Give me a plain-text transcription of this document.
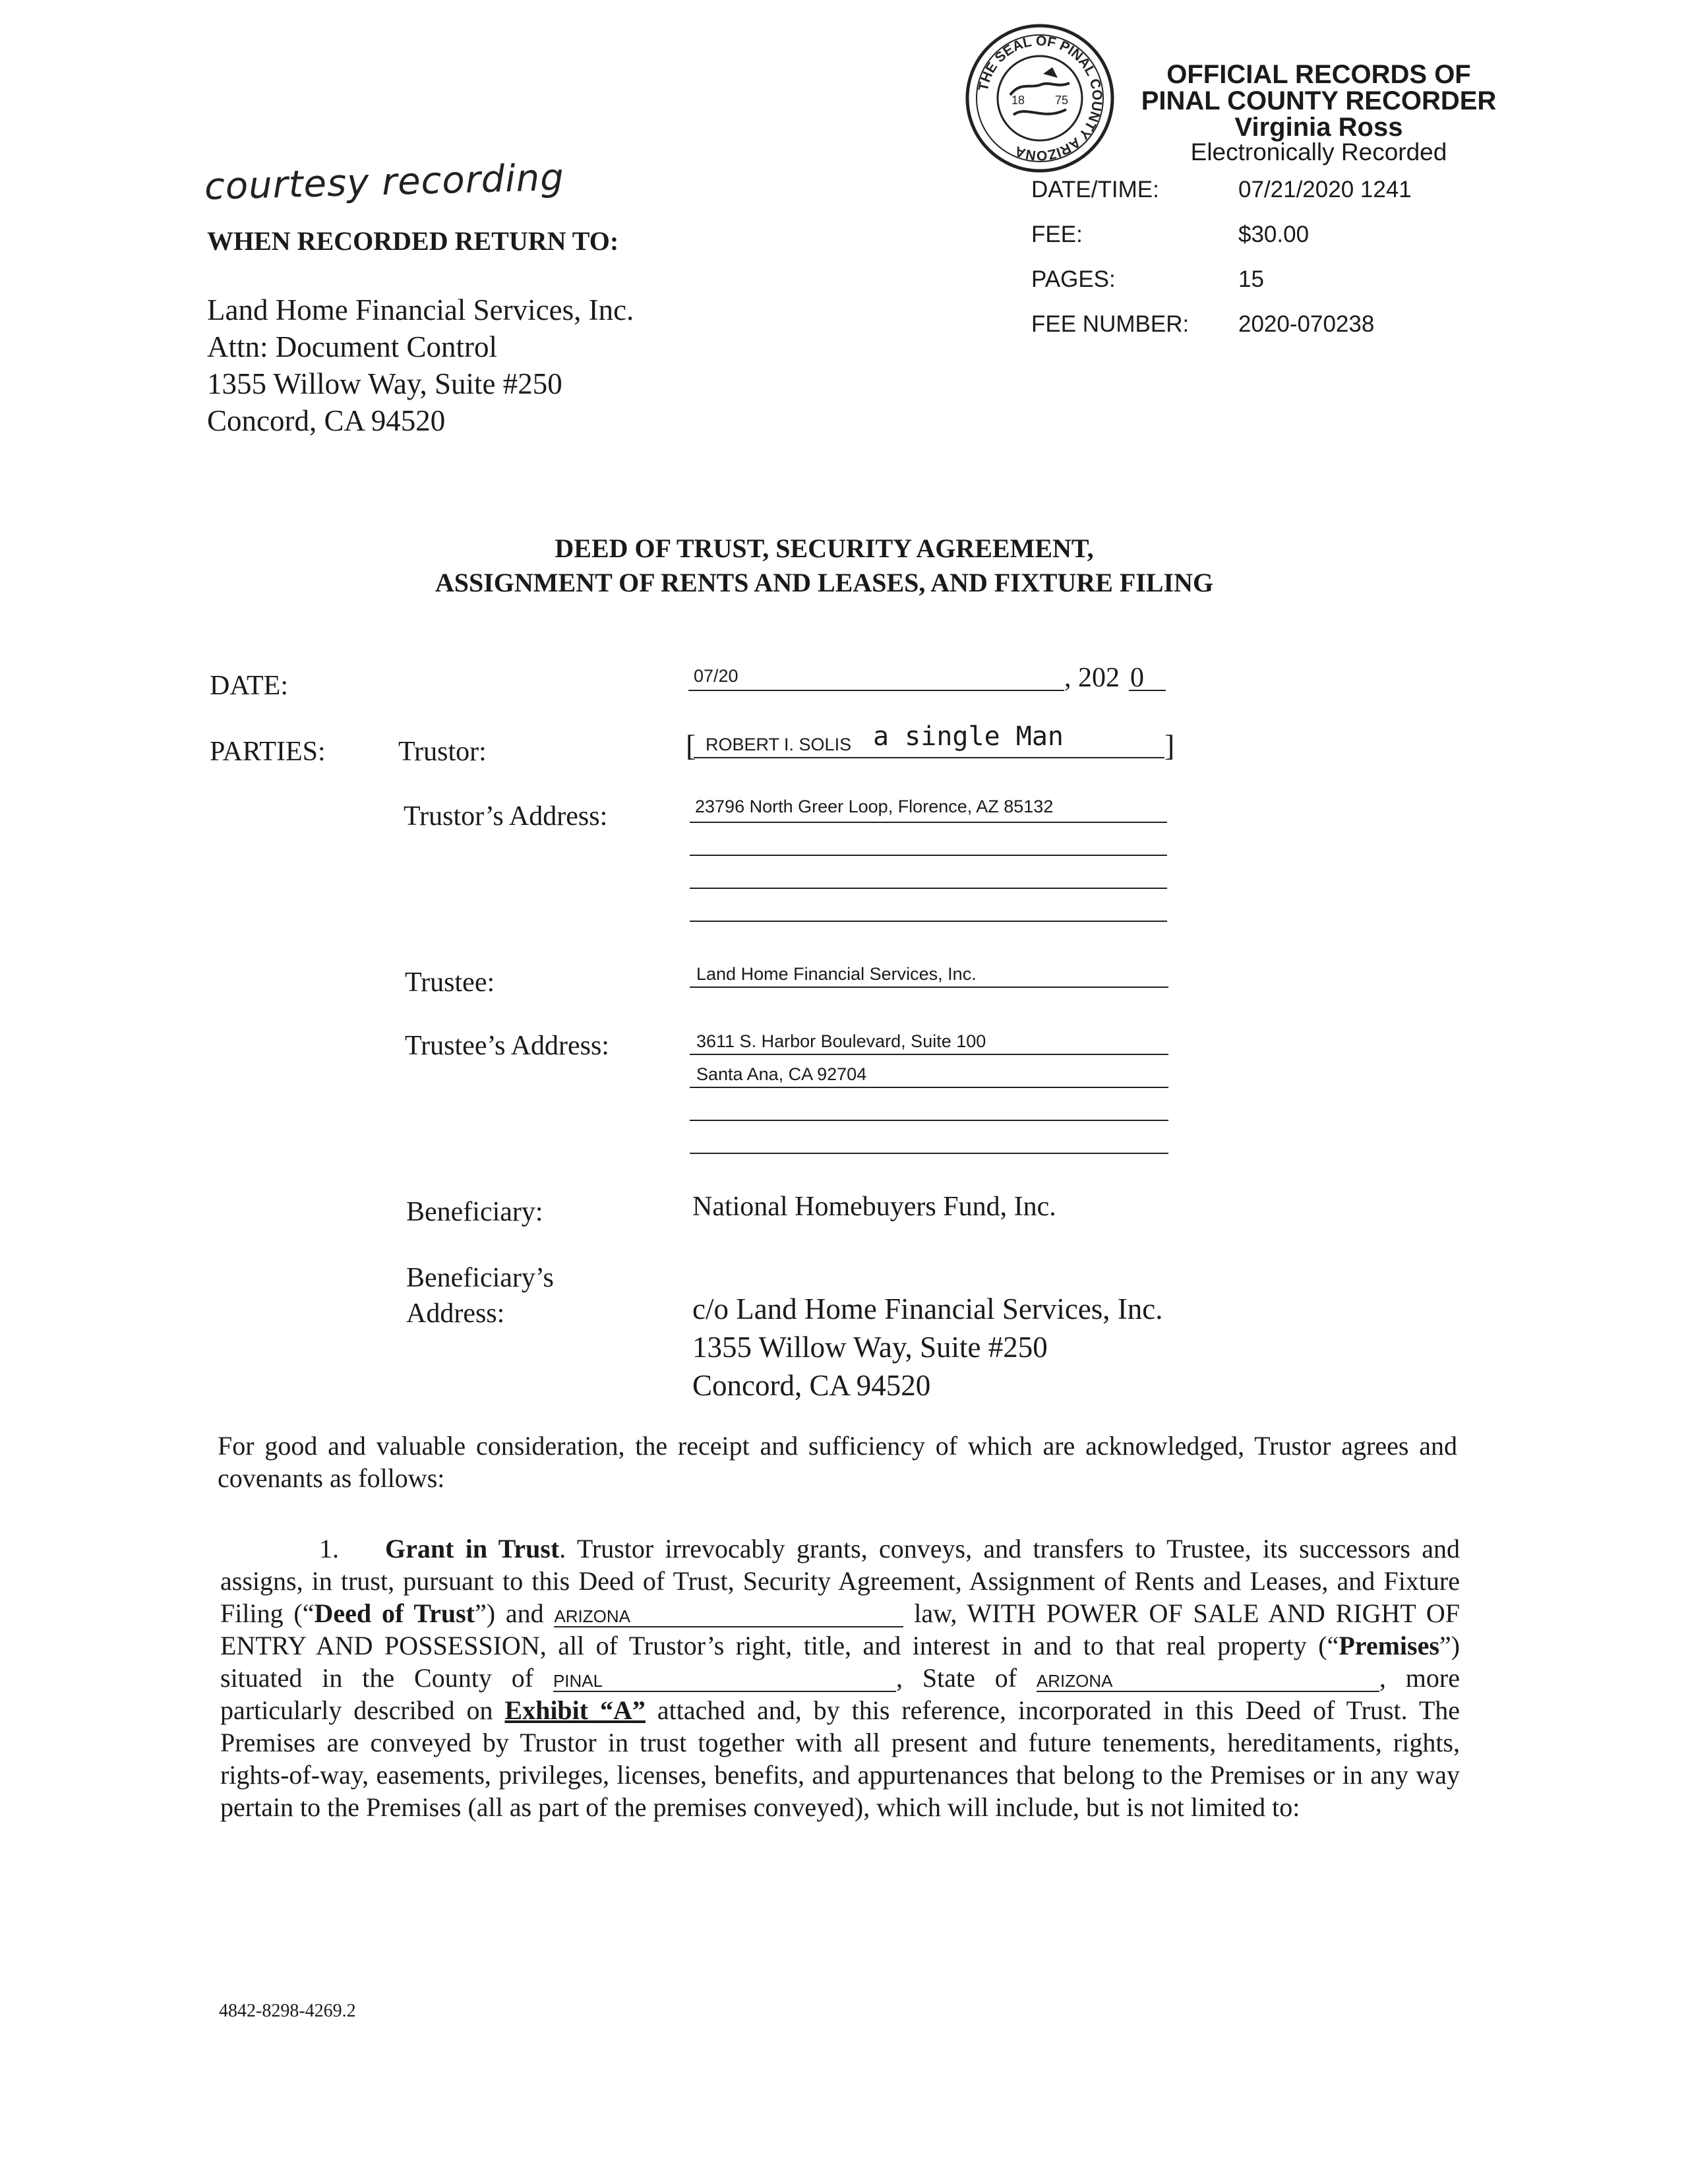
THE SEAL OF PINAL COUNTY ARIZONA
18	75
OFFICIAL RECORDS OF
PINAL COUNTY RECORDER
Virginia Ross
Electronically Recorded
DATE/TIME:	07/21/2020 1241
FEE:	$30.00
PAGES:	15
FEE NUMBER: 2020-070238
courtesy recording
WHEN RECORDED RETURN TO:
Land Home Financial Services, Inc.
Attn: Document Control
1355 Willow Way, Suite #250
Concord, CA 94520
DEED OF TRUST, SECURITY AGREEMENT,
ASSIGNMENT OF RENTS AND LEASES, AND FIXTURE FILING
DATE:	07/20	, 202 0
PARTIES:	Trustor:	[ ROBERT I. SOLIS a single Man	]
Trustor’s Address:	23796 North Greer Loop, Florence, AZ 85132
Trustee:	Land Home Financial Services, Inc.
Trustee’s Address:	3611 S. Harbor Boulevard, Suite 100
Santa Ana, CA 92704
Beneficiary:	National Homebuyers Fund, Inc.
Beneficiary’s
Address:	c/o Land Home Financial Services, Inc.
1355 Willow Way, Suite #250
Concord, CA 94520
For good and valuable consideration, the receipt and sufficiency of which are acknowledged, Trustor agrees and covenants as follows:
1. Grant in Trust. Trustor irrevocably grants, conveys, and transfers to Trustee, its successors and assigns, in trust, pursuant to this Deed of Trust, Security Agreement, Assignment of Rents and Leases, and Fixture Filing (“Deed of Trust”) and ARIZONA	law, WITH POWER OF SALE AND RIGHT OF ENTRY AND POSSESSION, all of Trustor’s right, title, and interest in and to that real property (“Premises”) situated in the County of PINAL	, State of ARIZONA	, more particularly described on Exhibit “A” attached and, by this reference, incorporated in this Deed of Trust. The Premises are conveyed by Trustor in trust together with all present and future tenements, hereditaments, rights, rights-of-way, easements, privileges, licenses, benefits, and appurtenances that belong to the Premises or in any way pertain to the Premises (all as part of the premises conveyed), which will include, but is not limited to:
4842-8298-4269.2
